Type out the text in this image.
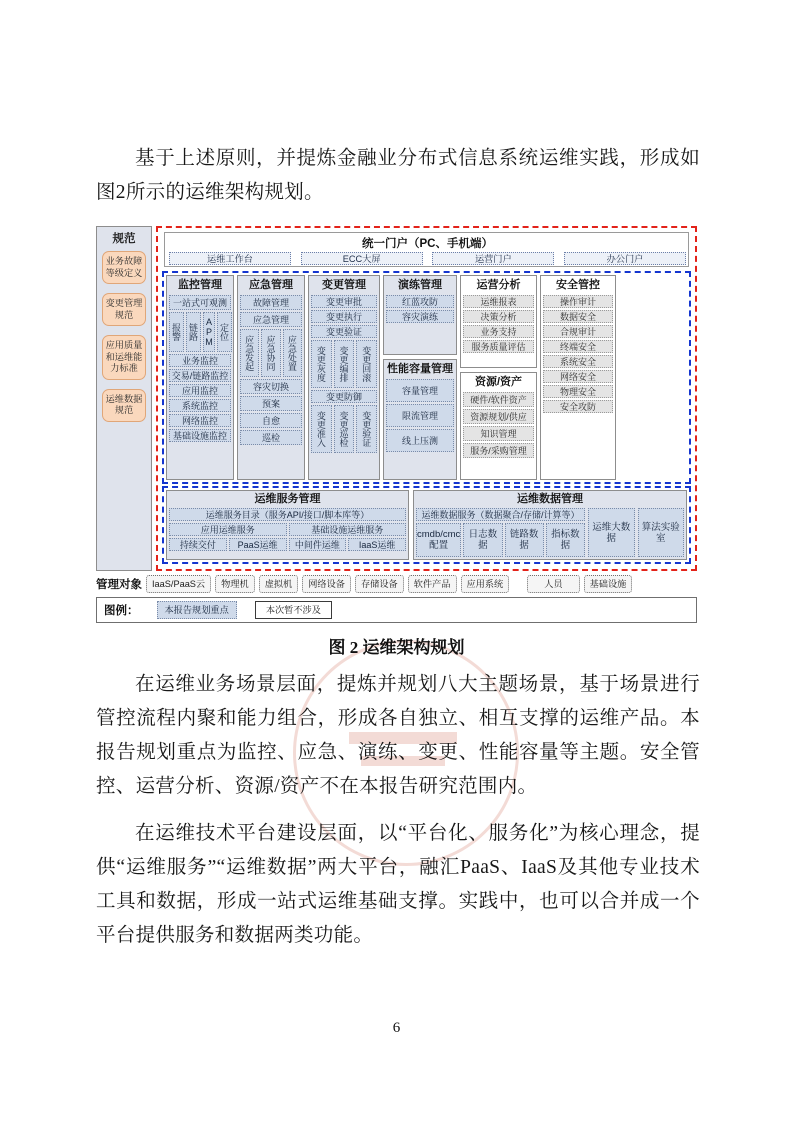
基于上述原则，并提炼金融业分布式信息系统运维实践，形成如图2所示的运维架构规划。
规范
业务故障等级定义
变更管理规范
应用质量和运维能力标准
运维数据规范
统一门户（PC、手机端）
运维工作台	ECC大屏	运营门户	办公门户
监控管理
一站式可观测
报警 链路 APM 定位
业务监控
交易/链路监控
应用监控
系统监控
网络监控
基础设施监控
应急管理
故障管理
应急管理
应急发起	应急协同	应急处置
容灾切换
预案
自愈
巡检
变更管理
变更审批
变更执行
变更验证
变更灰度	变更编排	变更回滚
变更防御
变更准入	变更巡检	变更验证
演练管理
红蓝攻防
容灾演练
性能容量管理
容量管理
限流管理
线上压测
运营分析
运维报表
决策分析
业务支持
服务质量评估
资源/资产
硬件/软件资产
资源规划/供应
知识管理
服务/采购管理
安全管控
操作审计
数据安全
合规审计
终端安全
系统安全
网络安全
物理安全
安全攻防
运维服务管理
运维服务目录（服务API/接口/脚本库等）
应用运维服务	基础设施运维服务
持续交付	PaaS运维	中间件运维	IaaS运维
运维数据管理
运维数据服务（数据聚合/存储/计算等）
cmdb/cmc配置
日志数据
链路数据
指标数据
运维大数据
算法实验室
管理对象	IaaS/PaaS云	物理机	虚拟机	网络设备	存储设备	软件产品	应用系统	人员	基础设施
图例：	本报告规划重点	本次暂不涉及
图 2 运维架构规划
在运维业务场景层面，提炼并规划八大主题场景，基于场景进行管控流程内聚和能力组合，形成各自独立、相互支撑的运维产品。本报告规划重点为监控、应急、演练、变更、性能容量等主题。安全管控、运营分析、资源/资产不在本报告研究范围内。
在运维技术平台建设层面，以“平台化、服务化”为核心理念，提供“运维服务”“运维数据”两大平台，融汇PaaS、IaaS及其他专业技术工具和数据，形成一站式运维基础支撑。实践中，也可以合并成一个平台提供服务和数据两类功能。
6
